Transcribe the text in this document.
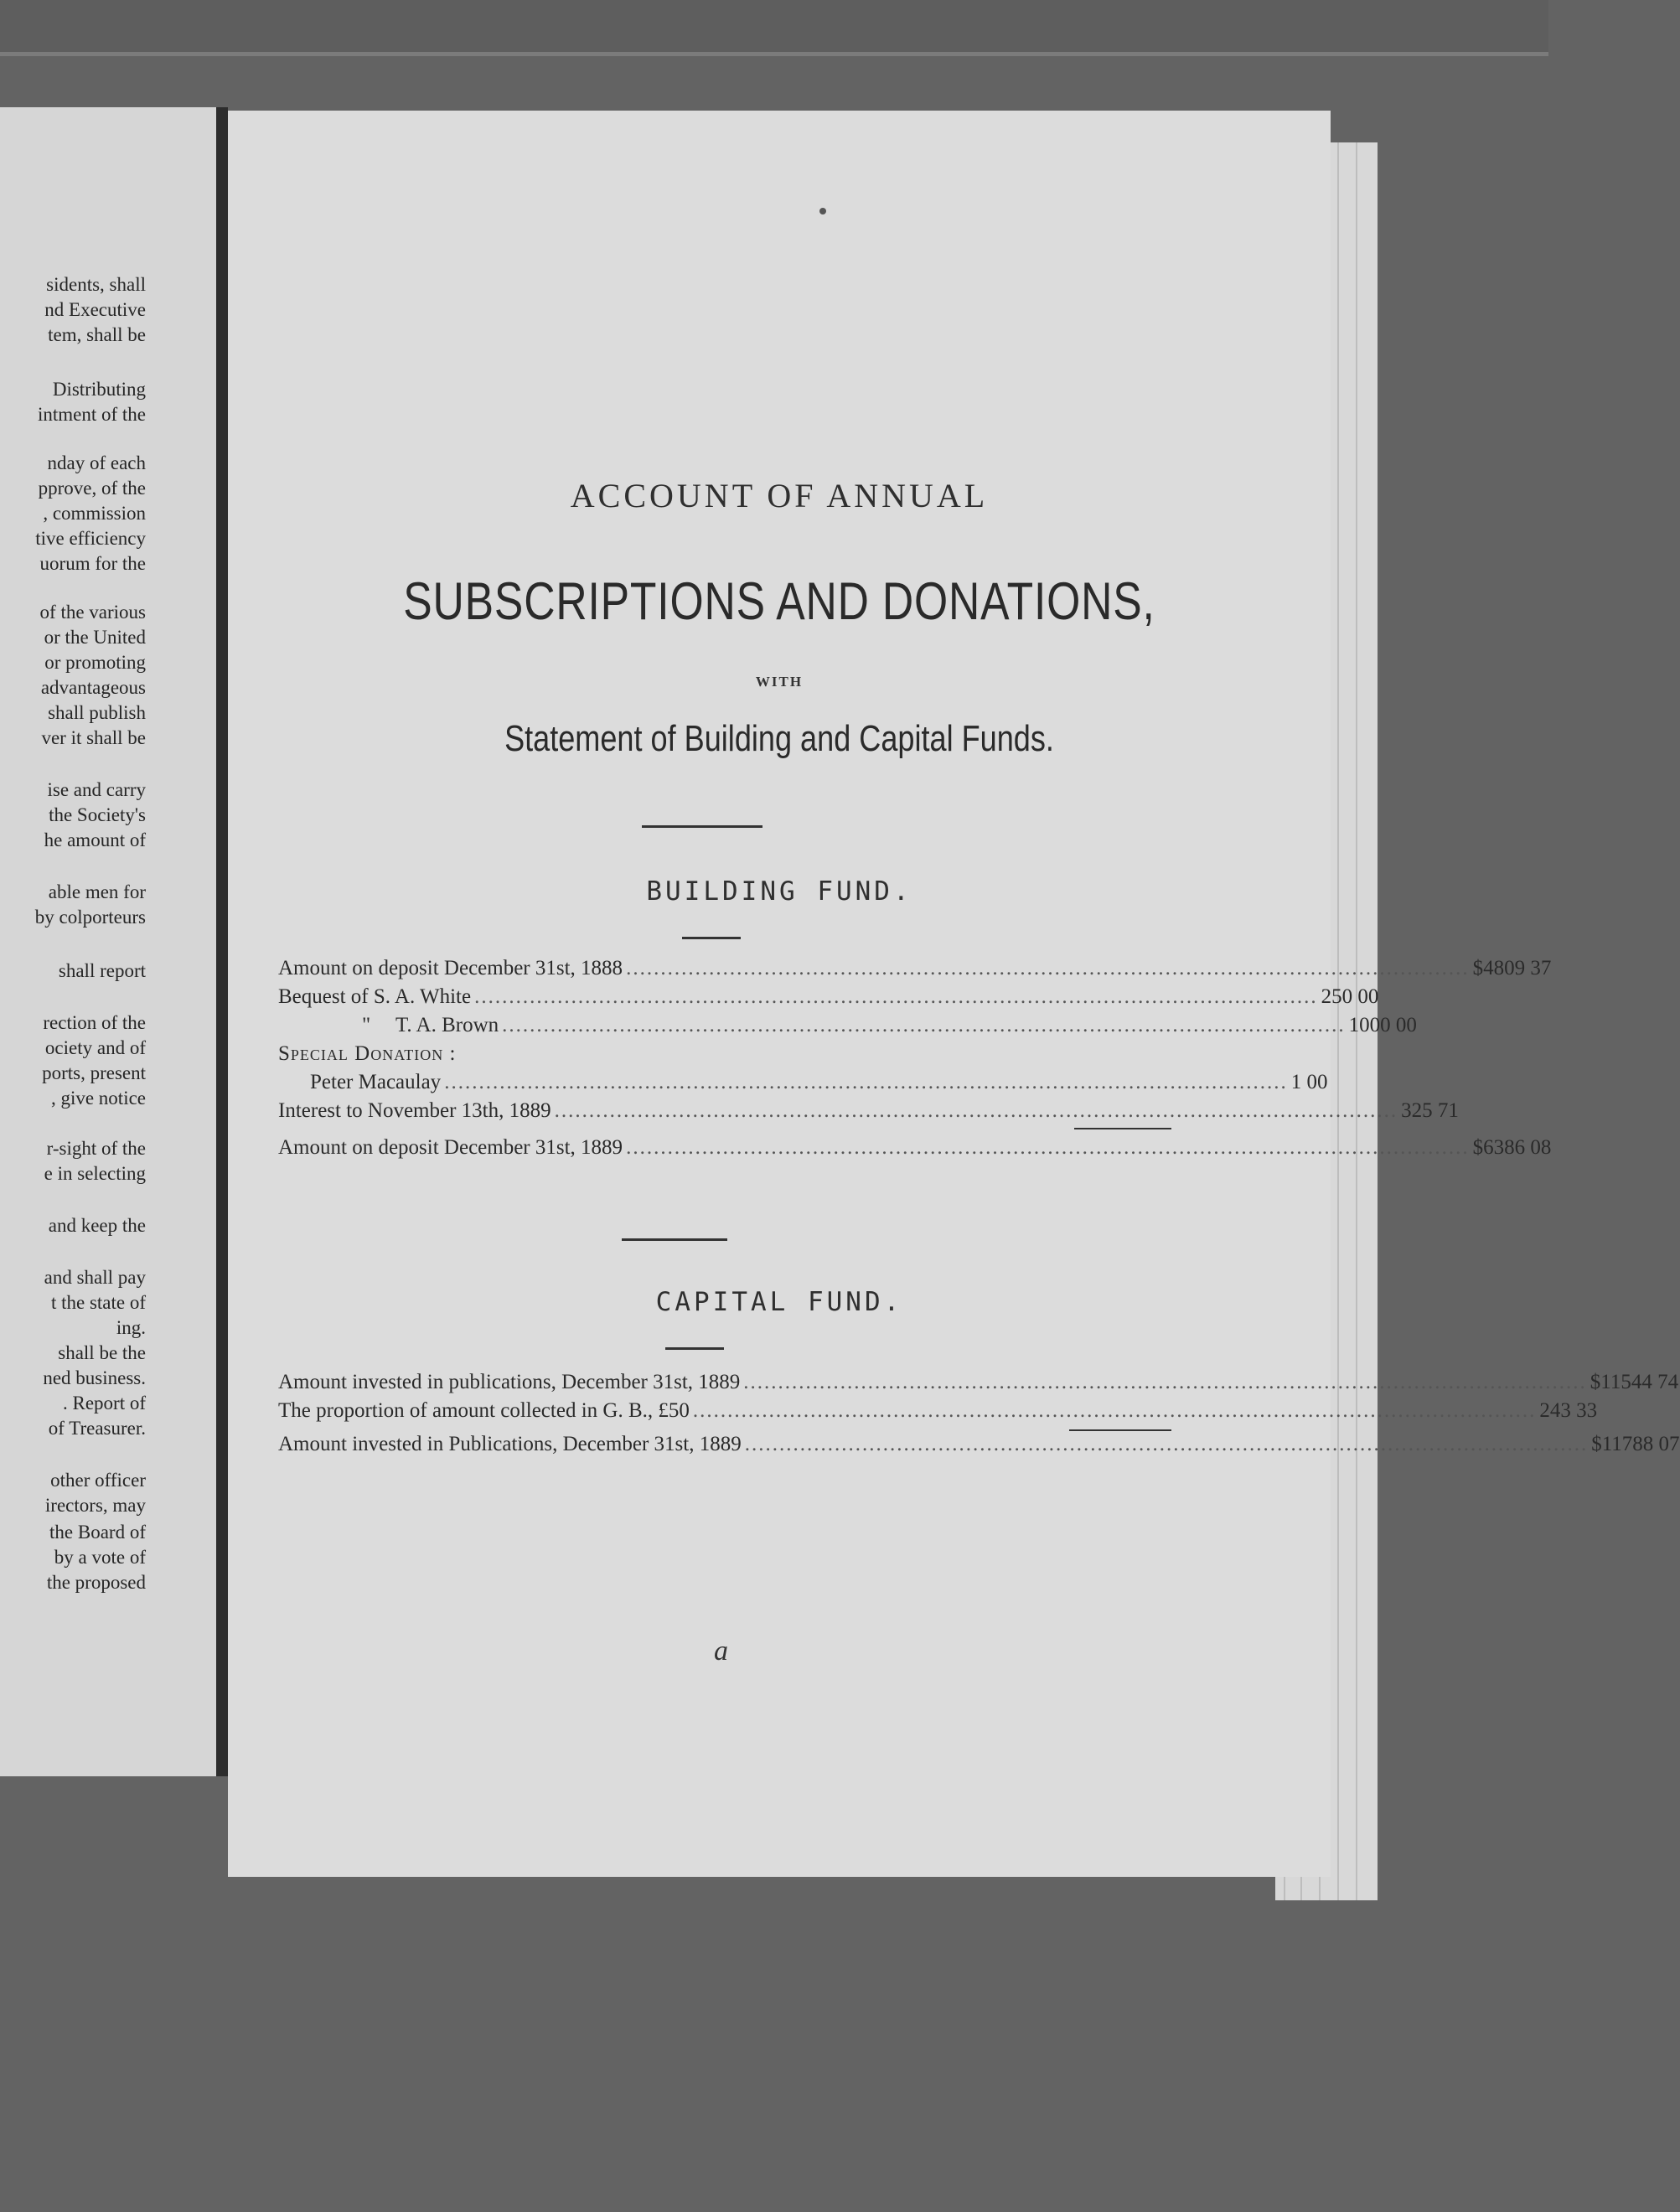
sidents, shall
nd Executive
tem, shall be
Distributing
intment of the
nday of each
pprove, of the
, commission
tive efficiency
uorum for the
of the various
or the United
or promoting
advantageous
shall publish
ver it shall be
ise and carry
the Society's
he amount of
able men for
by colporteurs
shall report
rection of the
ociety and of
ports, present
, give notice
r-sight of the
e in selecting
and keep the
and shall pay
t the state of
ing.
shall be the
ned business.
. Report of
of Treasurer.
other officer
irectors, may
the Board of
by a vote of
the proposed
ACCOUNT OF ANNUAL
SUBSCRIPTIONS AND DONATIONS,
WITH
Statement of Building and Capital Funds.
BUILDING FUND.
Amount on deposit December 31st, 1888 .......................................................................................................................... $4809 37
Bequest of S. A. White .......................................................................................................................... 250 00
"	T. A. Brown .......................................................................................................................... 1000 00
Special Donation :
Peter Macaulay .......................................................................................................................... 1 00
Interest to November 13th, 1889 .......................................................................................................................... 325 71
Amount on deposit December 31st, 1889 .......................................................................................................................... $6386 08
CAPITAL FUND.
Amount invested in publications, December 31st, 1889 .......................................................................................................................... $11544 74
The proportion of amount collected in G. B., £50 .......................................................................................................................... 243 33
Amount invested in Publications, December 31st, 1889 .......................................................................................................................... $11788 07
a
